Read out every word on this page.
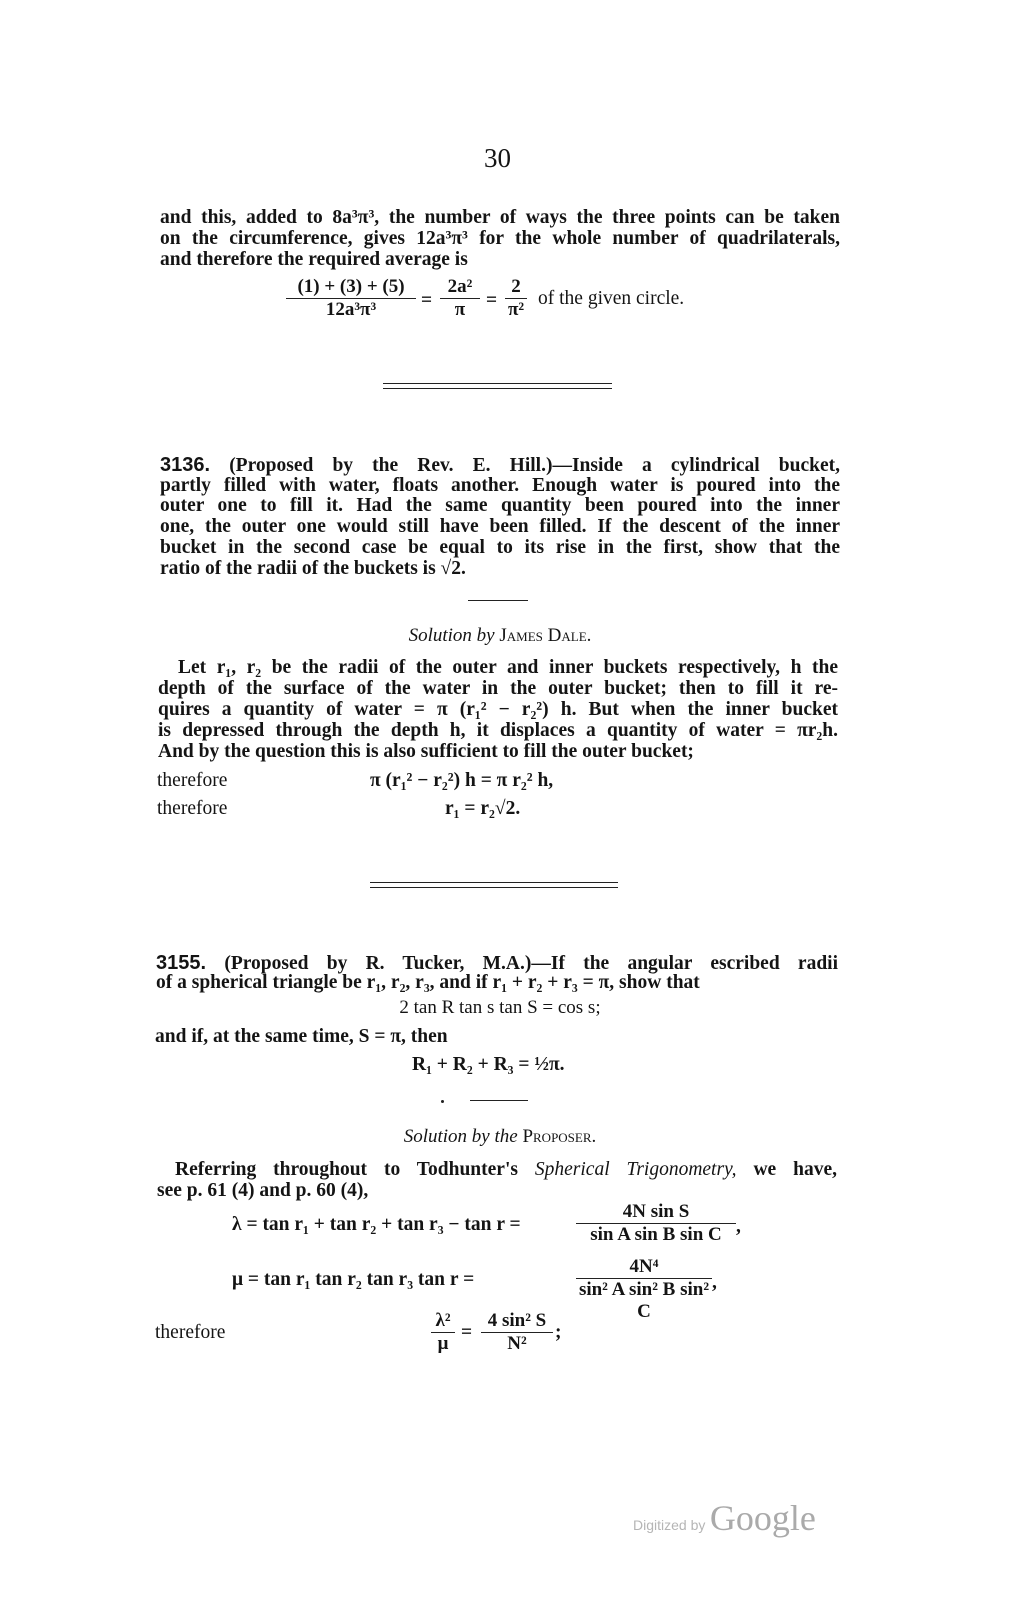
30
and this, added to 8a³π³, the number of ways the three points can be taken
on the circumference, gives 12a³π³ for the whole number of quadrilaterals,
and therefore the required average is
$\frac{(1) + (3) + (5)}{\text{12a³π³}} = \frac{\text{2a²}}{\pi} = \frac{2}{\text{π²}}$ of the given circle.
3136. (Proposed by the Rev. E. Hill.)—Inside a cylindrical bucket,
partly filled with water, floats another. Enough water is poured into the
outer one to fill it. Had the same quantity been poured into the inner
one, the outer one would still have been filled. If the descent of the inner
bucket in the second case be equal to its rise in the first, show that the
ratio of the radii of the buckets is √2.
Solution by James Dale.
Let r₁, r₂ be the radii of the outer and inner buckets respectively, h the
depth of the surface of the water in the outer bucket; then to fill it re-
quires a quantity of water = π (r₁² − r₂²) h. But when the inner bucket
is depressed through the depth h, it displaces a quantity of water = πr₂h.
And by the question this is also sufficient to fill the outer bucket;
therefore	π (r₁² − r₂²) h = π r₂² h,
therefore	r₁ = r₂√2.
3155. (Proposed by R. Tucker, M.A.)—If the angular escribed radii
of a spherical triangle be r₁, r₂, r₃, and if r₁ + r₂ + r₃ = π, show that
2 tan R tan s tan S = cos s;
and if, at the same time, S = π, then
R₁ + R₂ + R₃ = ½π.
Solution by the Proposer.
Referring throughout to Todhunter's Spherical Trigonometry, we have,
see p. 61 (4) and p. 60 (4),
λ = tan r₁ + tan r₂ + tan r₃ − tan r =	$\frac{\text{4N sin S}}{\text{sin A sin B sin C}}$ ,
μ = tan r₁ tan r₂ tan r₃ tan r =	$\frac{\text{4N⁴}}{\text{sin² A sin² B sin² C}}$ ,
therefore	$\frac{\text{λ²}}{\mu} = \frac{\text{4 sin² S}}{\text{N²}}$ ;
Digitized by Google
